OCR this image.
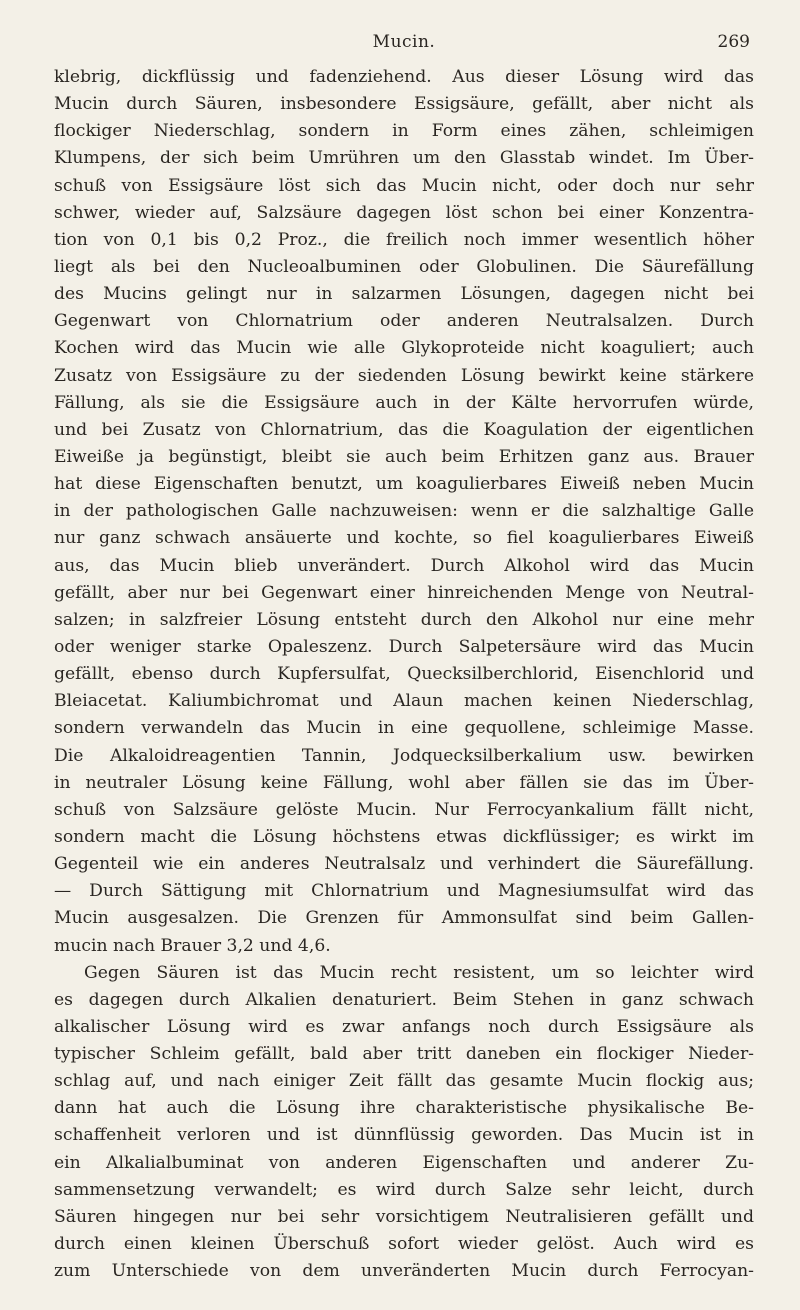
Mucin.	269
klebrig, dickflüssig und fadenziehend. Aus dieser Lösung wird das
Mucin durch Säuren, insbesondere Essigsäure, gefällt, aber nicht als
flockiger Niederschlag, sondern in Form eines zähen, schleimigen
Klumpens, der sich beim Umrühren um den Glasstab windet. Im Über-
schuß von Essigsäure löst sich das Mucin nicht, oder doch nur sehr
schwer, wieder auf, Salzsäure dagegen löst schon bei einer Konzentra-
tion von 0,1 bis 0,2 Proz., die freilich noch immer wesentlich höher
liegt als bei den Nucleoalbuminen oder Globulinen. Die Säurefällung
des Mucins gelingt nur in salzarmen Lösungen, dagegen nicht bei
Gegenwart von Chlornatrium oder anderen Neutralsalzen. Durch
Kochen wird das Mucin wie alle Glykoproteide nicht koaguliert; auch
Zusatz von Essigsäure zu der siedenden Lösung bewirkt keine stärkere
Fällung, als sie die Essigsäure auch in der Kälte hervorrufen würde,
und bei Zusatz von Chlornatrium, das die Koagulation der eigentlichen
Eiweiße ja begünstigt, bleibt sie auch beim Erhitzen ganz aus. Brauer
hat diese Eigenschaften benutzt, um koagulierbares Eiweiß neben Mucin
in der pathologischen Galle nachzuweisen: wenn er die salzhaltige Galle
nur ganz schwach ansäuerte und kochte, so fiel koagulierbares Eiweiß
aus, das Mucin blieb unverändert. Durch Alkohol wird das Mucin
gefällt, aber nur bei Gegenwart einer hinreichenden Menge von Neutral-
salzen; in salzfreier Lösung entsteht durch den Alkohol nur eine mehr
oder weniger starke Opaleszenz. Durch Salpetersäure wird das Mucin
gefällt, ebenso durch Kupfersulfat, Quecksilberchlorid, Eisenchlorid und
Bleiacetat. Kaliumbichromat und Alaun machen keinen Niederschlag,
sondern verwandeln das Mucin in eine gequollene, schleimige Masse.
Die Alkaloidreagentien Tannin, Jodquecksilberkalium usw. bewirken
in neutraler Lösung keine Fällung, wohl aber fällen sie das im Über-
schuß von Salzsäure gelöste Mucin. Nur Ferrocyankalium fällt nicht,
sondern macht die Lösung höchstens etwas dickflüssiger; es wirkt im
Gegenteil wie ein anderes Neutralsalz und verhindert die Säurefällung.
— Durch Sättigung mit Chlornatrium und Magnesiumsulfat wird das
Mucin ausgesalzen. Die Grenzen für Ammonsulfat sind beim Gallen-
mucin nach Brauer 3,2 und 4,6.
Gegen Säuren ist das Mucin recht resistent, um so leichter wird
es dagegen durch Alkalien denaturiert. Beim Stehen in ganz schwach
alkalischer Lösung wird es zwar anfangs noch durch Essigsäure als
typischer Schleim gefällt, bald aber tritt daneben ein flockiger Nieder-
schlag auf, und nach einiger Zeit fällt das gesamte Mucin flockig aus;
dann hat auch die Lösung ihre charakteristische physikalische Be-
schaffenheit verloren und ist dünnflüssig geworden. Das Mucin ist in
ein Alkalialbuminat von anderen Eigenschaften und anderer Zu-
sammensetzung verwandelt; es wird durch Salze sehr leicht, durch
Säuren hingegen nur bei sehr vorsichtigem Neutralisieren gefällt und
durch einen kleinen Überschuß sofort wieder gelöst. Auch wird es
zum Unterschiede von dem unveränderten Mucin durch Ferrocyan-
